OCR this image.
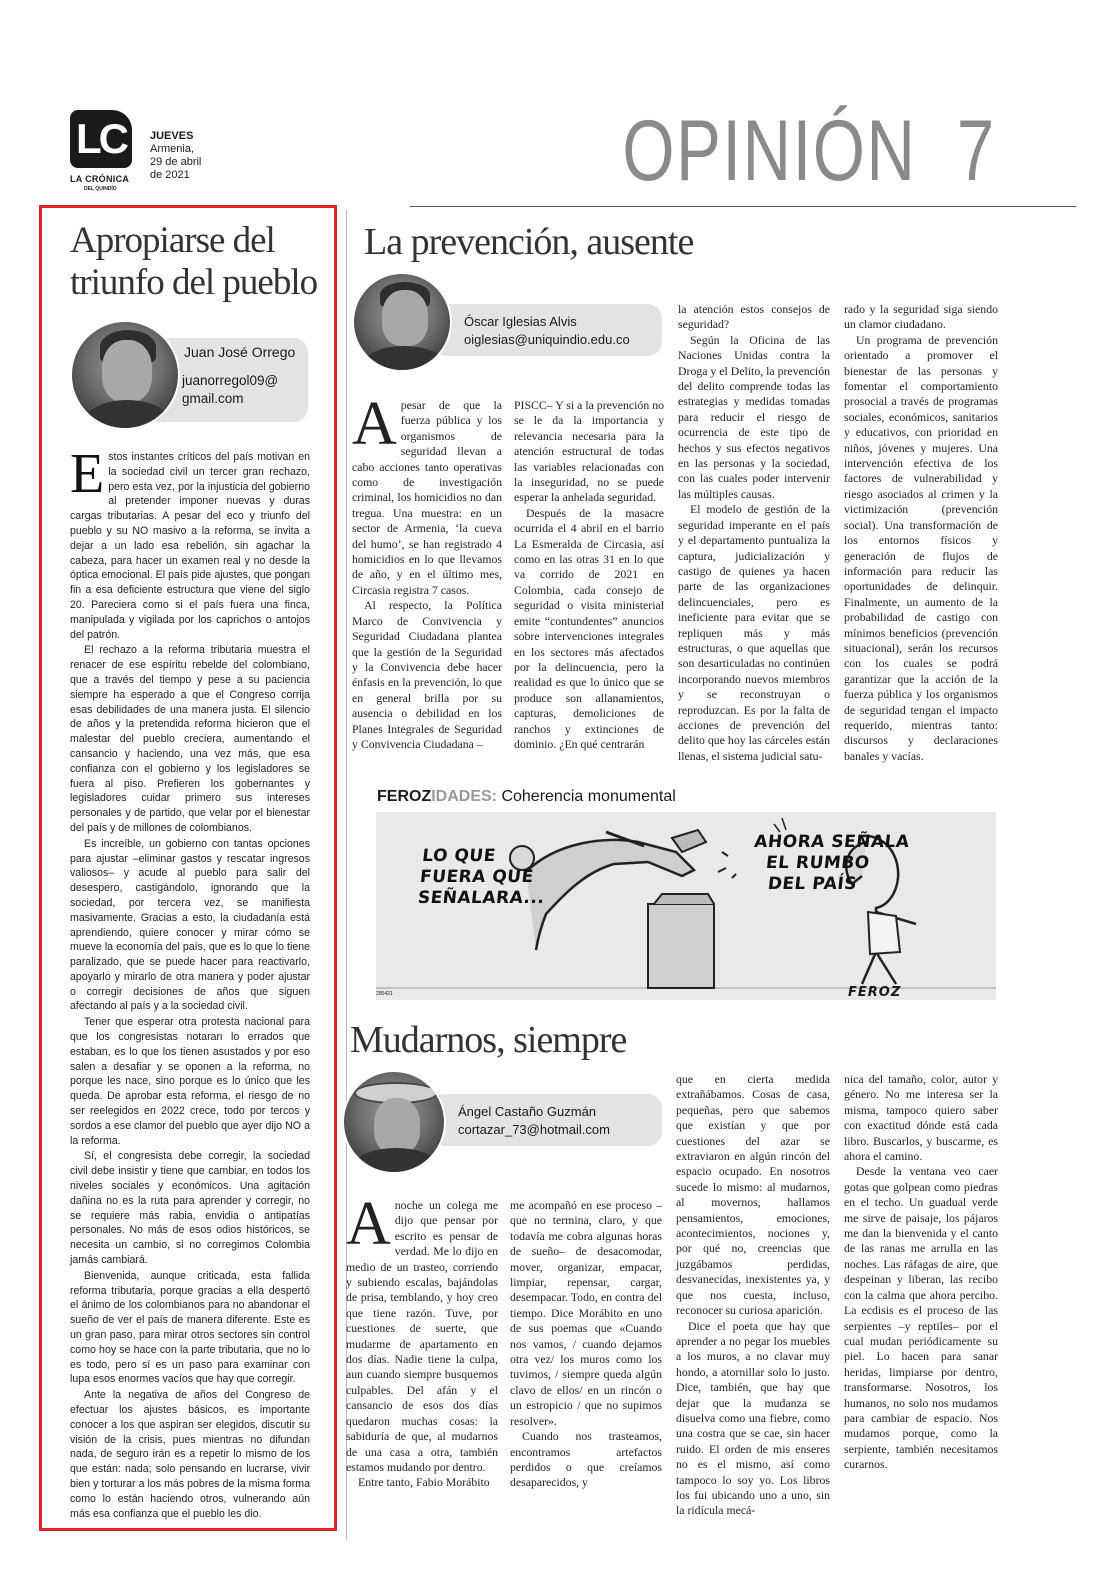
LC
LA CRÓNICA
DEL QUINDÍO
JUEVES
Armenia,
29 de abril
de 2021	OPINIÓN 7
Apropiarse del
triunfo del pueblo
Juan José Orrego
juanorregol09@
gmail.com

Estos instantes críticos del país motivan en la sociedad civil un tercer gran rechazo, pero esta vez, por la injusticia del gobierno al pretender imponer nuevas y duras cargas tributarias. A pesar del eco y triunfo del pueblo y su NO masivo a la reforma, se invita a dejar a un lado esa rebelión, sin agachar la cabeza, para hacer un examen real y no desde la óptica emocional. El país pide ajustes, que pongan fin a esa deficiente estructura que viene del siglo 20. Pareciera como si el país fuera una finca, manipulada y vigilada por los caprichos o antojos del patrón.

El rechazo a la reforma tributaria muestra el renacer de ese espíritu rebelde del colombiano, que a través del tiempo y pese a su paciencia siempre ha esperado a que el Congreso corrija esas debilidades de una manera justa. El silencio de años y la pretendida reforma hicieron que el malestar del pueblo creciera, aumentando el cansancio y haciendo, una vez más, que esa confianza con el gobierno y los legisladores se fuera al piso. Prefieren los gobernantes y legisladores cuidar primero sus intereses personales y de partido, que velar por el bienestar del país y de millones de colombianos.

Es increíble, un gobierno con tantas opciones para ajustar –eliminar gastos y rescatar ingresos valiosos– y acude al pueblo para salir del desespero, castigándolo, ignorando que la sociedad, por tercera vez, se manifiesta masivamente. Gracias a esto, la ciudadanía está aprendiendo, quiere conocer y mirar cómo se mueve la economía del país, que es lo que lo tiene paralizado, que se puede hacer para reactivarlo, apoyarlo y mirarlo de otra manera y poder ajustar o corregir decisiones de años que siguen afectando al país y a la sociedad civil.

Tener que esperar otra protesta nacional para que los congresistas notaran lo errados que estaban, es lo que los tienen asustados y por eso salen a desafiar y se oponen a la reforma, no porque les nace, sino porque es lo único que les queda. De aprobar esta reforma, el riesgo de no ser reelegidos en 2022 crece, todo por tercos y sordos a ese clamor del pueblo que ayer dijo NO a la reforma.

Sí, el congresista debe corregir, la sociedad civil debe insistir y tiene que cambiar, en todos los niveles sociales y económicos. Una agitación dañina no es la ruta para aprender y corregir, no se requiere más rabia, envidia o antipatías personales. No más de esos odios históricos, se necesita un cambio, si no corregimos Colombia jamás cambiará.

Bienvenida, aunque criticada, esta fallida reforma tributaria, porque gracias a ella despertó el ánimo de los colombianos para no abandonar el sueño de ver el país de manera diferente. Este es un gran paso, para mirar otros sectores sin control como hoy se hace con la parte tributaria, que no lo es todo, pero sí es un paso para examinar con lupa esos enormes vacíos que hay que corregir.

Ante la negativa de años del Congreso de efectuar los ajustes básicos, es importante conocer a los que aspiran ser elegidos, discutir su visión de la crisis, pues mientras no difundan nada, de seguro irán es a repetir lo mismo de los que están: nada; solo pensando en lucrarse, vivir bien y torturar a los más pobres de la misma forma como lo están haciendo otros, vulnerando aún más esa confianza que el pueblo les dio.

La prevención, ausente
Óscar Iglesias Alvis
oiglesias@uniquindio.edu.co

Apesar de que la fuerza pública y los organismos de seguridad llevan a cabo acciones tanto operativas como de investigación criminal, los homicidios no dan tregua. Una muestra: en un sector de Armenia, ‘la cueva del humo’, se han registrado 4 homicidios en lo que llevamos de año, y en el último mes, Circasia registra 7 casos.

Al respecto, la Política Marco de Convivencia y Seguridad Ciudadana plantea que la gestión de la Seguridad y la Convivencia debe hacer énfasis en la prevención, lo que en general brilla por su ausencia o debilidad en los Planes Integrales de Seguridad y Convivencia Ciudadana –

PISCC– Y si a la prevención no se le da la importancia y relevancia necesaria para la atención estructural de todas las variables relacionadas con la inseguridad, no se puede esperar la anhelada seguridad.

Después de la masacre ocurrida el 4 abril en el barrio La Esmeralda de Circasia, así como en las otras 31 en lo que va corrido de 2021 en Colombia, cada consejo de seguridad o visita ministerial emite “contundentes” anuncios sobre intervenciones integrales en los sectores más afectados por la delincuencia, pero la realidad es que lo único que se produce son allanamientos, capturas, demoliciones de ranchos y extinciones de dominio. ¿En qué centrarán

la atención estos consejos de seguridad?

Según la Oficina de las Naciones Unidas contra la Droga y el Delito, la prevención del delito comprende todas las estrategias y medidas tomadas para reducir el riesgo de ocurrencia de este tipo de hechos y sus efectos negativos en las personas y la sociedad, con las cuales poder intervenir las múltiples causas.

El modelo de gestión de la seguridad imperante en el país y el departamento puntualiza la captura, judicialización y castigo de quienes ya hacen parte de las organizaciones delincuenciales, pero es ineficiente para evitar que se repliquen más y más estructuras, o que aquellas que son desarticuladas no continúen incorporando nuevos miembros y se reconstruyan o reproduzcan. Es por la falta de acciones de prevención del delito que hoy las cárceles están llenas, el sistema judicial satu-

rado y la seguridad siga siendo un clamor ciudadano.

Un programa de prevención orientado a promover el bienestar de las personas y fomentar el comportamiento prosocial a través de programas sociales, económicos, sanitarios y educativos, con prioridad en niños, jóvenes y mujeres. Una intervención efectiva de los factores de vulnerabilidad y riesgo asociados al crimen y la victimización (prevención social). Una transformación de los entornos físicos y generación de flujos de información para reducir las oportunidades de delinquir. Finalmente, un aumento de la probabilidad de castigo con mínimos beneficios (prevención situacional), serán los recursos con los cuales se podrá garantizar que la acción de la fuerza pública y los organismos de seguridad tengan el impacto requerido, mientras tanto: discursos y declaraciones banales y vacías.

FEROZIDADES: Coherencia monumental
LO QUE
FUERA QUE
SEÑALARA...
AHORA SEÑALA
EL RUMBO
DEL PAÍS
290421	FEROZ
Mudarnos, siempre
Ángel Castaño Guzmán
cortazar_73@hotmail.com

Anoche un colega me dijo que pensar por escrito es pensar de verdad. Me lo dijo en medio de un trasteo, corriendo y subiendo escalas, bajándolas de prisa, temblando, y hoy creo que tiene razón. Tuve, por cuestiones de suerte, que mudarme de apartamento en dos días. Nadie tiene la culpa, aun cuando siempre busquemos culpables. Del afán y el cansancio de esos dos días quedaron muchas cosas: la sabiduría de que, al mudarnos de una casa a otra, también estamos mudando por dentro.

Entre tanto, Fabio Morábito

me acompañó en ese proceso –que no termina, claro, y que todavía me cobra algunas horas de sueño– de desacomodar, mover, organizar, empacar, limpiar, repensar, cargar, desempacar. Todo, en contra del tiempo. Dice Morábito en uno de sus poemas que «Cuando nos vamos, / cuando dejamos otra vez/ los muros como los tuvimos, / siempre queda algún clavo de ellos/ en un rincón o un estropicio / que no supimos resolver».

Cuando nos trasteamos, encontramos artefactos perdidos o que creíamos desaparecidos, y

que en cierta medida extrañábamos. Cosas de casa, pequeñas, pero que sabemos que existían y que por cuestiones del azar se extraviaron en algún rincón del espacio ocupado. En nosotros sucede lo mismo: al mudarnos, al movernos, hallamos pensamientos, emociones, acontecimientos, nociones y, por qué no, creencias que juzgábamos perdidas, desvanecidas, inexistentes ya, y que nos cuesta, incluso, reconocer su curiosa aparición.

Dice el poeta que hay que aprender a no pegar los muebles a los muros, a no clavar muy hondo, a atornillar solo lo justo. Dice, también, que hay que dejar que la mudanza se disuelva como una fiebre, como una costra que se cae, sin hacer ruido. El orden de mis enseres no es el mismo, así como tampoco lo soy yo. Los libros los fui ubicando uno a uno, sin la ridícula mecá-

nica del tamaño, color, autor y género. No me interesa ser la misma, tampoco quiero saber con exactitud dónde está cada libro. Buscarlos, y buscarme, es ahora el camino.

Desde la ventana veo caer gotas que golpean como piedras en el techo. Un guadual verde me sirve de paisaje, los pájaros me dan la bienvenida y el canto de las ranas me arrulla en las noches. Las ráfagas de aire, que despeinan y liberan, las recibo con la calma que ahora percibo. La ecdisis es el proceso de las serpientes –y reptiles– por el cual mudan periódicamente su piel. Lo hacen para sanar heridas, limpiarse por dentro, transformarse. Nosotros, los humanos, no solo nos mudamos para cambiar de espacio. Nos mudamos porque, como la serpiente, también necesitamos curarnos.
